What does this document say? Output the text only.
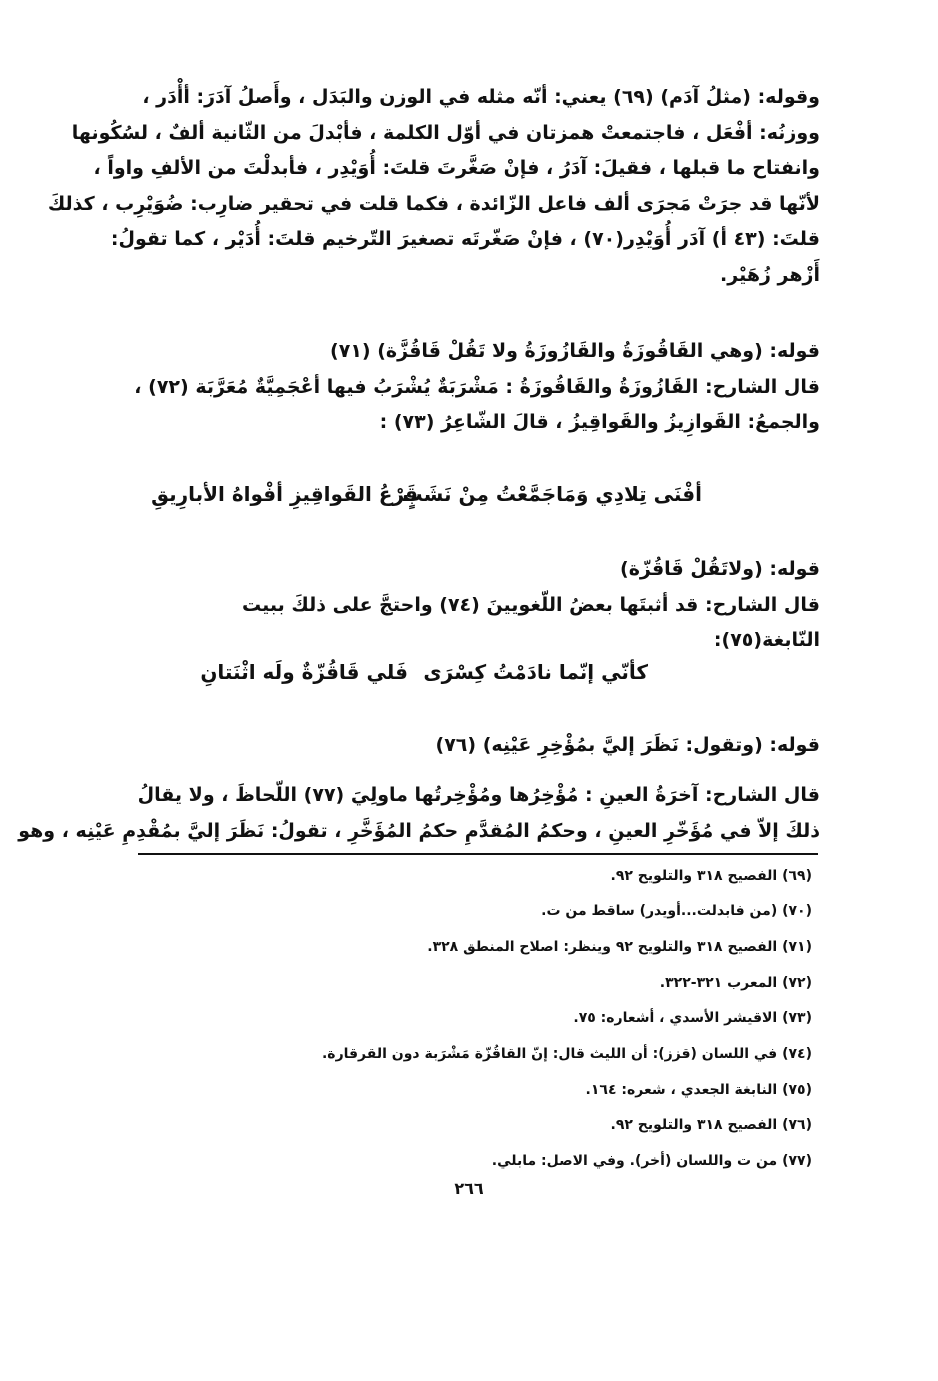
وقوله: (مثلُ آدَم) (٦٩) يعني: أنّه مثله في الوزن والبَدَل ، وأَصلُ آدَرَ: أأْدَر ،
ووزنُه: أفْعَل ، فاجتمعتْ همزتان في أوّل الكلمة ، فأبْدلَ من الثّانية ألفٌ ، لسُكُونها
وانفتاح ما قبلها ، فقيلَ: آدَرُ ، فإنْ صَغَّرتَ قلتَ: أُوَيْدِر ، فأبدلْتَ من الألفِ واواً ،
لأنّها قد جرَتْ مَجرَى ألف فاعل الزّائدة ، فكما قلت في تحقير ضارِب: ضُوَيْرِب ، كذلكَ
قلتَ: (٤٣ أ) آدَر أُوَيْدِر(٧٠) ، فإنْ صَغّرتَه تصغيرَ التّرخيم قلتَ: أُدَيْر ، كما تقولُ:
أَزْهر زُهَيْر.
قوله: (وهي القَاقُوزَةُ والقَازُوزَةُ ولا تَقُلْ قَاقُزَّة) (٧١)
قال الشارح: القَازُوزَةُ والقَاقُوزَةُ : مَشْرَبَةٌ يُشْرَبُ فيها أعْجَمِيَّةٌ مُعَرَّبَة (٧٢) ،
والجمعُ: القَوازِيزُ والقَواقِيزُ ، قالَ الشّاعِرُ (٧٣) :
أفْنَى تِلادِي وَمَاجَمَّعْتُ مِنْ نَشَبٍ
قَرْعُ القَواقِيزِ أفْواهُ الأبارِيقِ
قوله: (ولاتَقُلْ قَاقُزّة)
قال الشارح: قد أثبتَها بعضُ اللّغويينَ (٧٤) واحتجَّ على ذلكَ ببيت
النّابغة(٧٥):
كأنّي إنّما نادَمْتُ كِسْرَى
فَلي قَاقُزّةٌ ولَه اثْنَتانِ
قوله: (وتقول: نَظَرَ إليَّ بمُؤْخِرِ عَيْنِه) (٧٦)
قال الشارح: آخرَةُ العينِ : مُؤْخِرُها ومُؤْخِرتُها ماولِيَ (٧٧) اللّحاظَ ، ولا يقالُ
ذلكَ إلاّ في مُؤَخّرِ العينِ ، وحكمُ المُقدَّمِ حكمُ المُؤَخَّرِ ، تقولُ: نَظَرَ إليَّ بمُقْدِمِ عَيْنِه ، وهو
(٦٩) الفصيح ٣١٨ والتلويح ٩٢.
(٧٠) (من فابدلت...أويدر) ساقط من ت.
(٧١) الفصيح ٣١٨ والتلويح ٩٢ وينظر: اصلاح المنطق ٣٢٨.
(٧٢) المعرب ٣٢١-٣٢٢.
(٧٣) الاقيشر الأسدي ، أشعاره: ٧٥.
(٧٤) في اللسان (قزز): أن الليث قال: إنّ القاقُزّة مَشْرَبة دون القرقارة.
(٧٥) النابغة الجعدي ، شعره: ١٦٤.
(٧٦) الفصيح ٣١٨ والتلويح ٩٢.
(٧٧) من ت واللسان (أخر). وفي الاصل: مابلي.
٢٦٦
